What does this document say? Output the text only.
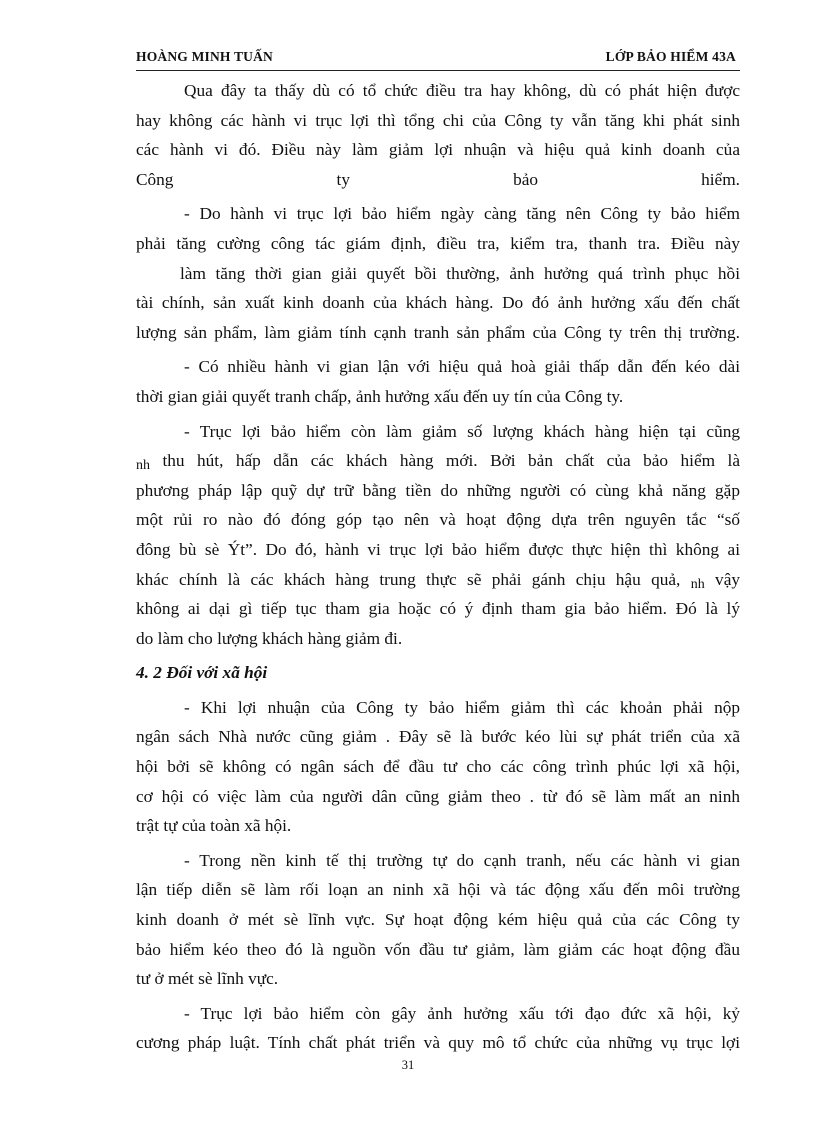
HOÀNG MINH TUẤN	LỚP BẢO HIỂM 43A
Qua đây ta thấy dù có tổ chức điều tra hay không, dù có phát hiện được
hay không các hành vi trục lợi thì tổng chi của Công ty vẫn tăng khi phát sinh
các hành vi đó. Điều này làm giảm lợi nhuận và hiệu quả kinh doanh của
Công ty bảo hiểm.
- Do hành vi trục lợi bảo hiểm ngày càng tăng nên Công ty bảo hiểm
phải tăng cường công tác giám định, điều tra, kiểm tra, thanh tra. Điều này
làm tăng thời gian giải quyết bồi thường, ảnh hưởng quá trình phục hồi
tài chính, sản xuất kinh doanh của khách hàng. Do đó ảnh hưởng xấu đến chất
lượng sản phẩm, làm giảm tính cạnh tranh sản phẩm của Công ty trên thị trường.
- Có nhiều hành vi gian lận với hiệu quả hoà giải thấp dẫn đến kéo dài
thời gian giải quyết tranh chấp, ảnh hưởng xấu đến uy tín của Công ty.
- Trục lợi bảo hiểm còn làm giảm số lượng khách hàng hiện tại cũng
nh thu hút, hấp dẫn các khách hàng mới. Bởi bản chất của bảo hiểm là
phương pháp lập quỹ dự trữ bằng tiền do những người có cùng khả năng gặp
một rủi ro nào đó đóng góp tạo nên và hoạt động dựa trên nguyên tắc “số
đông bù sè Ýt”. Do đó, hành vi trục lợi bảo hiểm được thực hiện thì không ai
khác chính là các khách hàng trung thực sẽ phải gánh chịu hậu quả, nh vậy
không ai dại gì tiếp tục tham gia hoặc có ý định tham gia bảo hiểm. Đó là lý
do làm cho lượng khách hàng giảm đi.
4. 2 Đối với xã hội
- Khi lợi nhuận của Công ty bảo hiểm giảm thì các khoản phải nộp
ngân sách Nhà nước cũng giảm . Đây sẽ là bước kéo lùi sự phát triển của xã
hội bởi sẽ không có ngân sách để đầu tư cho các công trình phúc lợi xã hội,
cơ hội có việc làm của người dân cũng giảm theo . từ đó sẽ làm mất an ninh
trật tự của toàn xã hội.
- Trong nền kinh tế thị trường tự do cạnh tranh, nếu các hành vi gian
lận tiếp diễn sẽ làm rối loạn an ninh xã hội và tác động xấu đến môi trường
kinh doanh ở mét sè lĩnh vực. Sự hoạt động kém hiệu quả của các Công ty
bảo hiểm kéo theo đó là nguồn vốn đầu tư giảm, làm giảm các hoạt động đầu
tư ở mét sè lĩnh vực.
- Trục lợi bảo hiểm còn gây ảnh hưởng xấu tới đạo đức xã hội, kỷ
cương pháp luật. Tính chất phát triển và quy mô tổ chức của những vụ trục lợi
31
